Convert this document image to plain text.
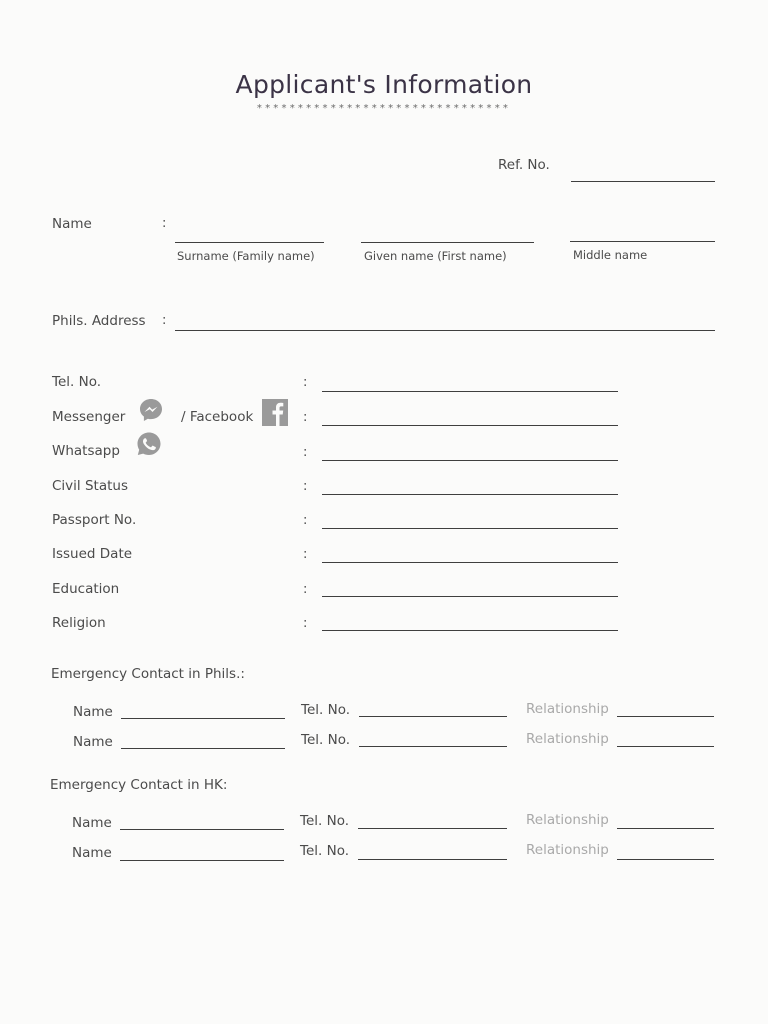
Applicant's Information
*******************************
Ref. No.
Name	:
Surname (Family name)	Given name (First name)	Middle name
Phils. Address :
Tel. No.	:
Messenger	/ Facebook	:
Whatsapp	:
Civil Status	:
Passport No.	:
Issued Date	:
Education	:
Religion	:
Emergency Contact in Phils.:
Name	Tel. No.	Relationship
Name	Tel. No.	Relationship
Emergency Contact in HK:
Name	Tel. No.	Relationship
Name	Tel. No.	Relationship
